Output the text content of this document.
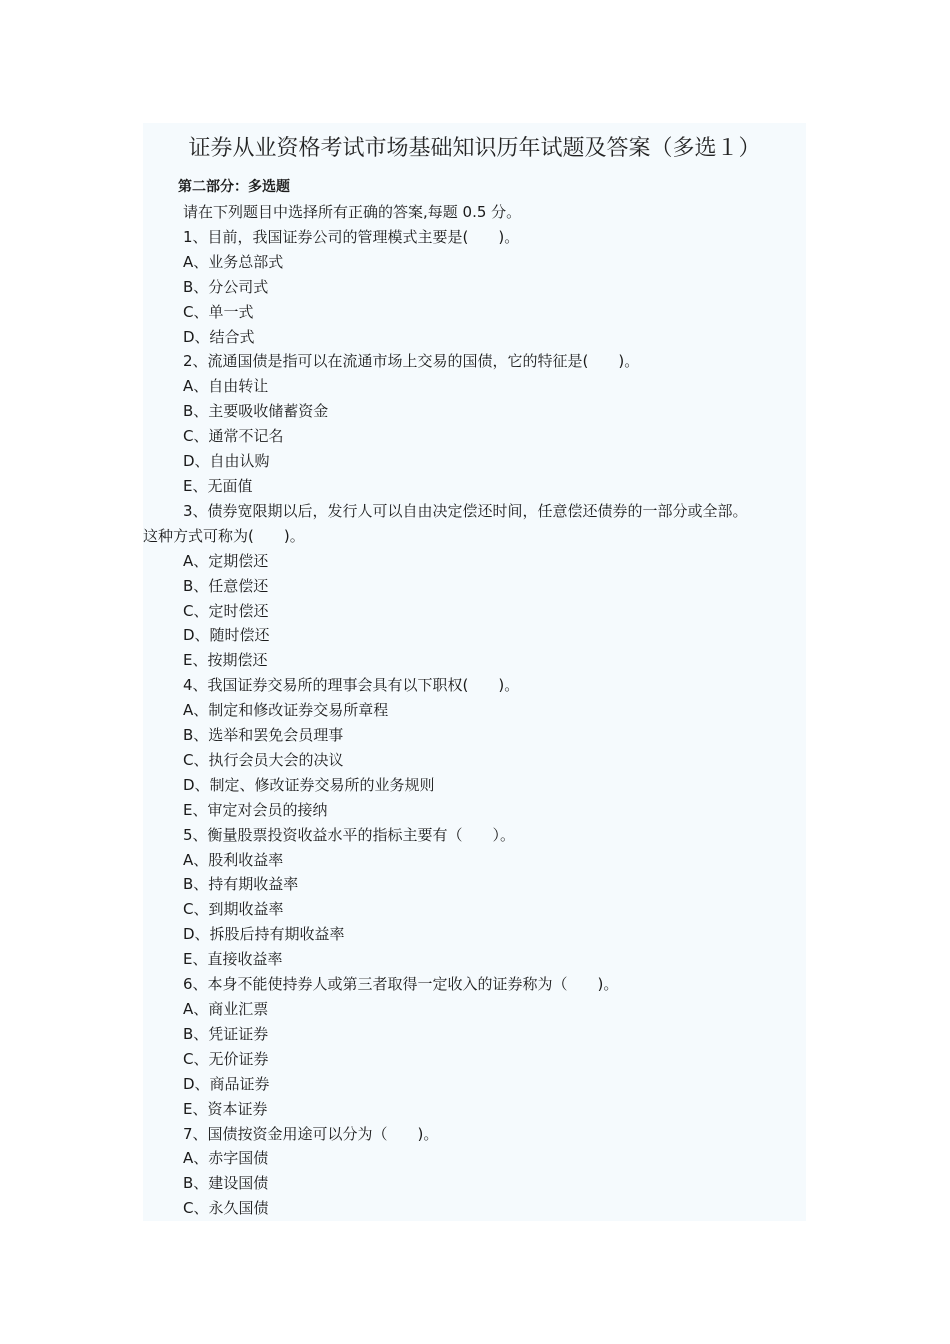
证券从业资格考试市场基础知识历年试题及答案（多选１）
第二部分：多选题
请在下列题目中选择所有正确的答案,每题 0.5 分。
1、目前，我国证券公司的管理模式主要是(　　)。
A、业务总部式
B、分公司式
C、单一式
D、结合式
2、流通国债是指可以在流通市场上交易的国债，它的特征是(　　)。
A、自由转让
B、主要吸收储蓄资金
C、通常不记名
D、自由认购
E、无面值
3、债券宽限期以后，发行人可以自由决定偿还时间，任意偿还债券的一部分或全部。
这种方式可称为(　　)。
A、定期偿还
B、任意偿还
C、定时偿还
D、随时偿还
E、按期偿还
4、我国证券交易所的理事会具有以下职权(　　)。
A、制定和修改证券交易所章程
B、选举和罢免会员理事
C、执行会员大会的决议
D、制定、修改证券交易所的业务规则
E、审定对会员的接纳
5、衡量股票投资收益水平的指标主要有（　　）。
A、股利收益率
B、持有期收益率
C、到期收益率
D、拆股后持有期收益率
E、直接收益率
6、本身不能使持券人或第三者取得一定收入的证券称为（　　)。
A、商业汇票
B、凭证证券
C、无价证券
D、商品证券
E、资本证券
7、国债按资金用途可以分为（　　)。
A、赤字国债
B、建设国债
C、永久国债
